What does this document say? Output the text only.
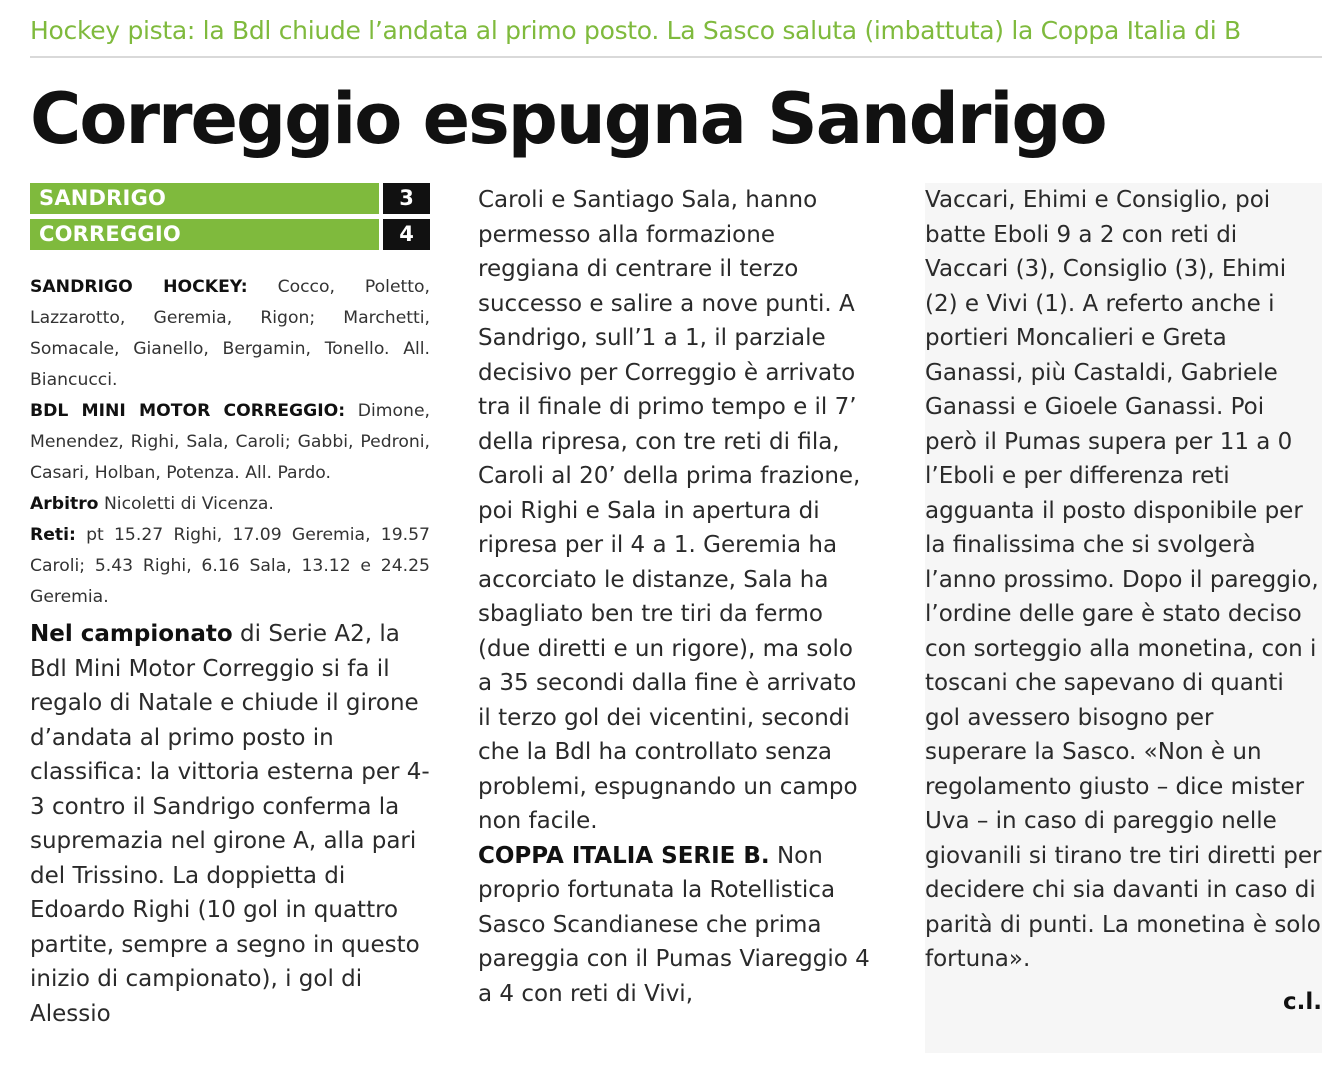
Hockey pista: la Bdl chiude l’andata al primo posto. La Sasco saluta (imbattuta) la Coppa Italia di B
Correggio espugna Sandrigo
SANDRIGO	3
CORREGGIO	4

SANDRIGO HOCKEY: Cocco, Poletto, Lazzarotto, Geremia, Rigon; Marchetti, Somacale, Gianello, Bergamin, Tonello. All. Biancucci.

BDL MINI MOTOR CORREGGIO: Dimone, Menendez, Righi, Sala, Caroli; Gabbi, Pedroni, Casari, Holban, Potenza. All. Pardo.

Arbitro Nicoletti di Vicenza.

Reti: pt 15.27 Righi, 17.09 Geremia, 19.57 Caroli; 5.43 Righi, 6.16 Sala, 13.12 e 24.25 Geremia.

Nel campionato di Serie A2, la Bdl Mini Motor Correggio si fa il regalo di Natale e chiude il girone d’andata al primo posto in classifica: la vittoria esterna per 4-3 contro il Sandrigo conferma la supremazia nel girone A, alla pari del Trissino. La doppietta di Edoardo Righi (10 gol in quattro partite, sempre a segno in questo inizio di campionato), i gol di Alessio

Caroli e Santiago Sala, hanno permesso alla formazione reggiana di centrare il terzo successo e salire a nove punti. A Sandrigo, sull’1 a 1, il parziale decisivo per Correggio è arrivato tra il finale di primo tempo e il 7’ della ripresa, con tre reti di fila, Caroli al 20’ della prima frazione, poi Righi e Sala in apertura di ripresa per il 4 a 1. Geremia ha accorciato le distanze, Sala ha sbagliato ben tre tiri da fermo (due diretti e un rigore), ma solo a 35 secondi dalla fine è arrivato il terzo gol dei vicentini, secondi che la Bdl ha controllato senza problemi, espugnando un campo non facile.

COPPA ITALIA SERIE B. Non proprio fortunata la Rotellistica Sasco Scandianese che prima pareggia con il Pumas Viareggio 4 a 4 con reti di Vivi,

Vaccari, Ehimi e Consiglio, poi batte Eboli 9 a 2 con reti di Vaccari (3), Consiglio (3), Ehimi (2) e Vivi (1). A referto anche i portieri Moncalieri e Greta Ganassi, più Castaldi, Gabriele Ganassi e Gioele Ganassi. Poi però il Pumas supera per 11 a 0 l’Eboli e per differenza reti agguanta il posto disponibile per la finalissima che si svolgerà l’anno prossimo. Dopo il pareggio, l’ordine delle gare è stato deciso con sorteggio alla monetina, con i toscani che sapevano di quanti gol avessero bisogno per superare la Sasco. «Non è un regolamento giusto – dice mister Uva – in caso di pareggio nelle giovanili si tirano tre tiri diretti per decidere chi sia davanti in caso di parità di punti. La monetina è solo fortuna».

c.l.
